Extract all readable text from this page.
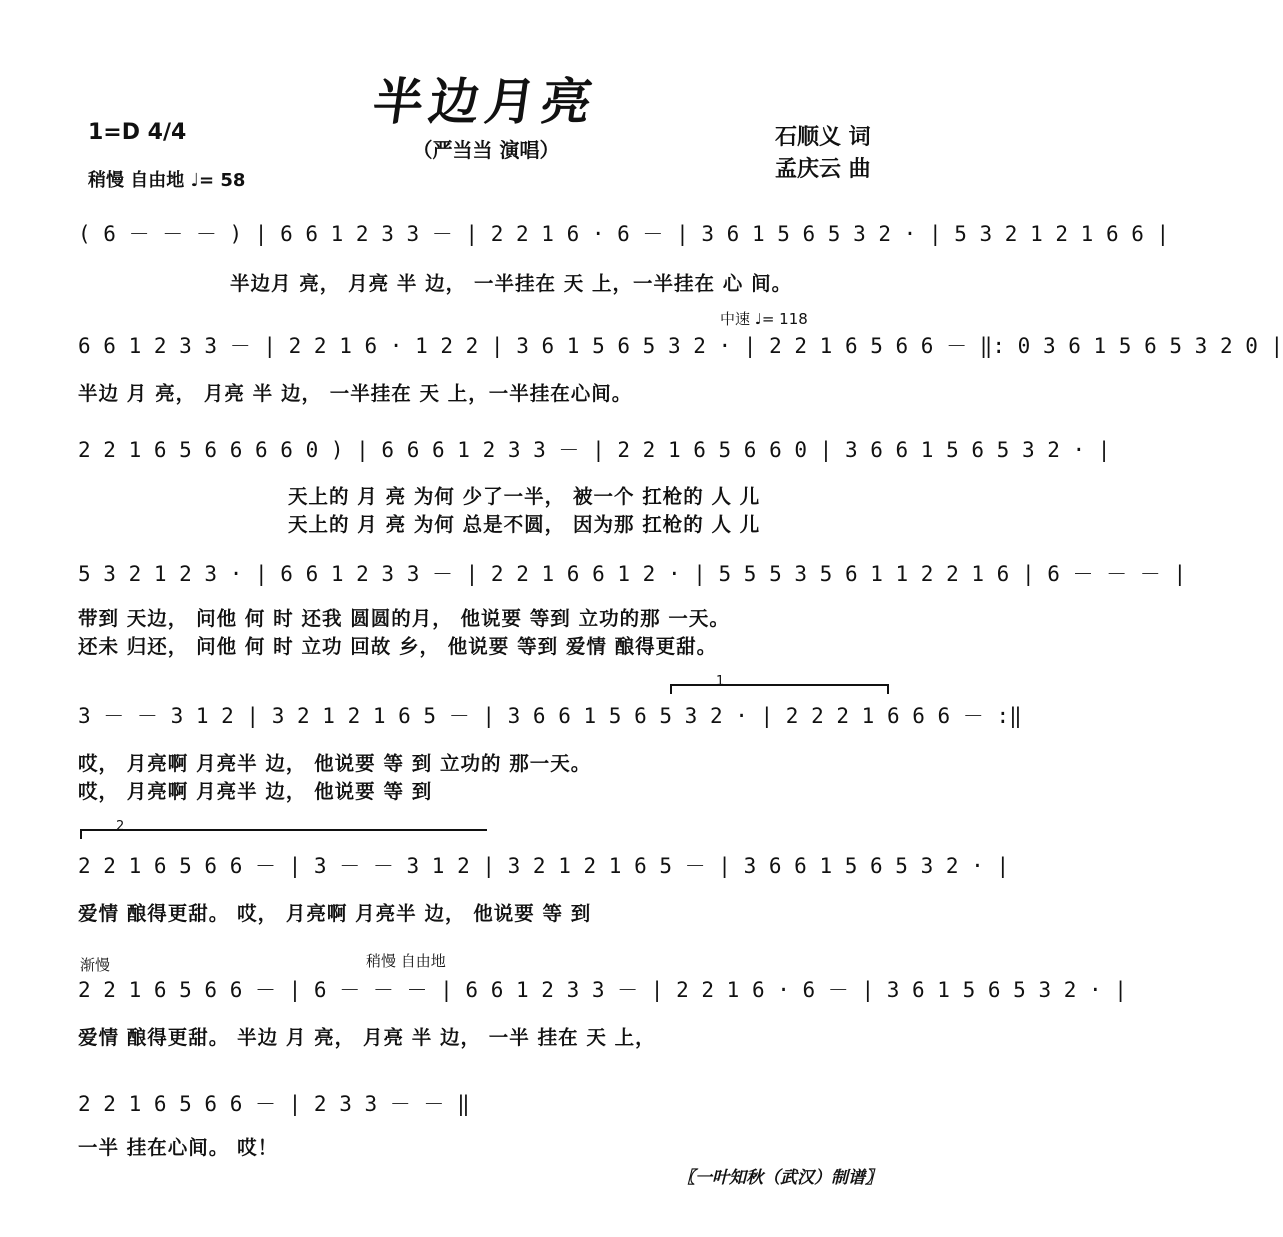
半边月亮
（严当当 演唱）
1=D 4/4
稍慢 自由地 ♩= 58
石顺义 词
孟庆云 曲
( 6 － － － ) | 6 6 1 2 3 3 － | 2 2 1 6 · 6 － | 3 6 1 5 6 5 3 2 · | 5 3 2 1 2 1 6 6 |
半边月 亮， 月亮 半 边， 一半挂在 天 上，一半挂在 心 间。
中速 ♩= 118
6 6 1 2 3 3 － | 2 2 1 6 · 1 2 2 | 3 6 1 5 6 5 3 2 · | 2 2 1 6 5 6 6 － ‖: 0 3 6 1 5 6 5 3 2 0 |
半边 月 亮， 月亮 半 边， 一半挂在 天 上，一半挂在心间。
2 2 1 6 5 6 6 6 6 0 ) | 6 6 6 1 2 3 3 － | 2 2 1 6 5 6 6 0 | 3 6 6 1 5 6 5 3 2 · |
天上的 月 亮 为何 少了一半， 被一个 扛枪的 人 儿
天上的 月 亮 为何 总是不圆， 因为那 扛枪的 人 儿
5 3 2 1 2 3 · | 6 6 1 2 3 3 － | 2 2 1 6 6 1 2 · | 5 5 5 3 5 6 1 1 2 2 1 6 | 6 － － － |
带到 天边， 问他 何 时 还我 圆圆的月， 他说要 等到 立功的那 一天。
还未 归还， 问他 何 时 立功 回故 乡， 他说要 等到 爱情 酿得更甜。
1
3 － － 3 1 2 | 3 2 1 2 1 6 5 － | 3 6 6 1 5 6 5 3 2 · | 2 2 2 1 6 6 6 － :‖
哎， 月亮啊 月亮半 边， 他说要 等 到 立功的 那一天。
哎， 月亮啊 月亮半 边， 他说要 等 到
2
2 2 1 6 5 6 6 － | 3 － － 3 1 2 | 3 2 1 2 1 6 5 － | 3 6 6 1 5 6 5 3 2 · |
爱情 酿得更甜。 哎， 月亮啊 月亮半 边， 他说要 等 到
渐慢	稍慢 自由地
2 2 1 6 5 6 6 － | 6 － － － | 6 6 1 2 3 3 － | 2 2 1 6 · 6 － | 3 6 1 5 6 5 3 2 · |
爱情 酿得更甜。 半边 月 亮， 月亮 半 边， 一半 挂在 天 上，
2 2 1 6 5 6 6 － | 2 3 3 － － ‖
一半 挂在心间。 哎！
〖一叶知秋（武汉）制谱〗
